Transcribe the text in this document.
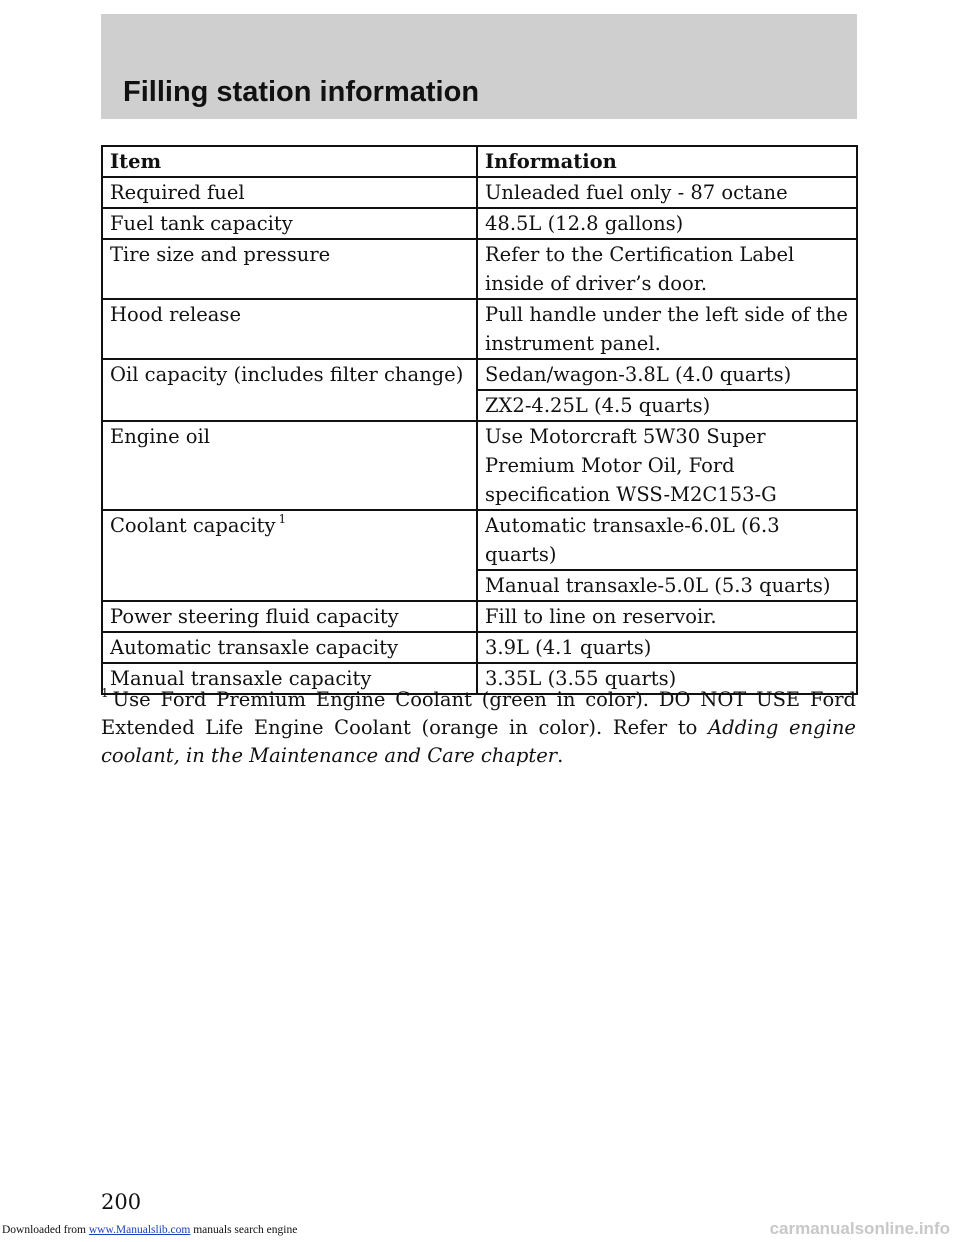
Filling station information
Item	Information
Required fuel	Unleaded fuel only - 87 octane
Fuel tank capacity	48.5L (12.8 gallons)
Tire size and pressure	Refer to the Certification Label inside of driver’s door.
Hood release	Pull handle under the left side of the instrument panel.
Oil capacity (includes filter change)	Sedan/wagon-3.8L (4.0 quarts)
	ZX2-4.25L (4.5 quarts)
Engine oil	Use Motorcraft 5W30 Super Premium Motor Oil, Ford specification WSS-M2C153-G
Coolant capacity $^1$	Automatic transaxle-6.0L (6.3 quarts)
	Manual transaxle-5.0L (5.3 quarts)
Power steering fluid capacity	Fill to line on reservoir.
Automatic transaxle capacity	3.9L (4.1 quarts)
Manual transaxle capacity	3.35L (3.55 quarts)
$^1$ Use Ford Premium Engine Coolant (green in color). DO NOT USE Ford Extended Life Engine Coolant (orange in color). Refer to Adding engine coolant, in the Maintenance and Care chapter.
200
Downloaded from www.Manualslib.com manuals search engine	carmanualsonline.info
